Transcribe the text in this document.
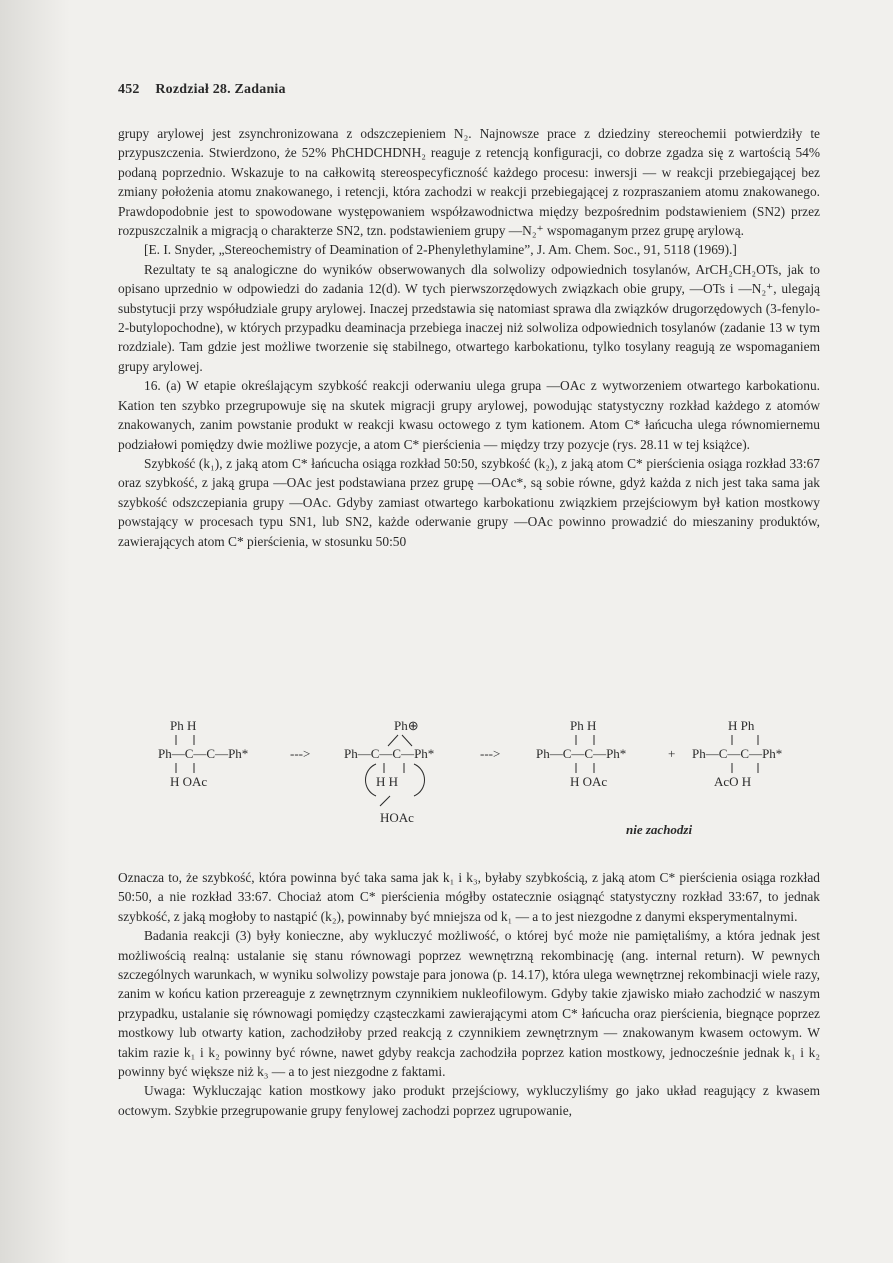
452 Rozdział 28. Zadania

grupy arylowej jest zsynchronizowana z odszczepieniem N₂. Najnowsze prace z dziedziny stereochemii potwierdziły te przypuszczenia. Stwierdzono, że 52% PhCHDCHDNH₂ reaguje z retencją konfiguracji, co dobrze zgadza się z wartością 54% podaną poprzednio. Wskazuje to na całkowitą stereospecyficzność każdego procesu: inwersji — w reakcji przebiegającej bez zmiany położenia atomu znakowanego, i retencji, która zachodzi w reakcji przebiegającej z rozpraszaniem atomu znakowanego. Prawdopodobnie jest to spowodowane występowaniem współzawodnictwa między bezpośrednim podstawieniem (SN2) przez rozpuszczalnik a migracją o charakterze SN2, tzn. podstawieniem grupy —N₂⁺ wspomaganym przez grupę arylową.

[E. I. Snyder, „Stereochemistry of Deamination of 2-Phenylethylamine”, J. Am. Chem. Soc., 91, 5118 (1969).]

Rezultaty te są analogiczne do wyników obserwowanych dla solwolizy odpowiednich tosylanów, ArCH₂CH₂OTs, jak to opisano uprzednio w odpowiedzi do zadania 12(d). W tych pierwszorzędowych związkach obie grupy, —OTs i —N₂⁺, ulegają substytucji przy współudziale grupy arylowej. Inaczej przedstawia się natomiast sprawa dla związków drugorzędowych (3-fenylo-2-butylopochodne), w których przypadku deaminacja przebiega inaczej niż solwoliza odpowiednich tosylanów (zadanie 13 w tym rozdziale). Tam gdzie jest możliwe tworzenie się stabilnego, otwartego karbokationu, tylko tosylany reagują ze wspomaganiem grupy arylowej.

16. (a) W etapie określającym szybkość reakcji oderwaniu ulega grupa —OAc z wytworzeniem otwartego karbokationu. Kation ten szybko przegrupowuje się na skutek migracji grupy arylowej, powodując statystyczny rozkład każdego z atomów znakowanych, zanim powstanie produkt w reakcji kwasu octowego z tym kationem. Atom C* łańcucha ulega równomiernemu podziałowi pomiędzy dwie możliwe pozycje, a atom C* pierścienia — między trzy pozycje (rys. 28.11 w tej książce).

Szybkość (k₁), z jaką atom C* łańcucha osiąga rozkład 50:50, szybkość (k₂), z jaką atom C* pierścienia osiąga rozkład 33:67 oraz szybkość, z jaką grupa —OAc jest podstawiana przez grupę —OAc*, są sobie równe, gdyż każda z nich jest taka sama jak szybkość odszczepiania grupy —OAc. Gdyby zamiast otwartego karbokationu związkiem przejściowym był kation mostkowy powstający w procesach typu SN1, lub SN2, każde oderwanie grupy —OAc powinno prowadzić do mieszaniny produktów, zawierających atom C* pierścienia, w stosunku 50:50

Ph H
Ph—C—C—Ph*
H OAc
--->
Ph⊕
Ph—C—C—Ph*
H H
HOAc
--->
Ph H
Ph—C—C—Ph*
H OAc
+
H Ph
Ph—C—C—Ph*
AcO H
nie zachodzi

Oznacza to, że szybkość, która powinna być taka sama jak k₁ i k₃, byłaby szybkością, z jaką atom C* pierścienia osiąga rozkład 50:50, a nie rozkład 33:67. Chociaż atom C* pierścienia mógłby ostatecznie osiągnąć statystyczny rozkład 33:67, to jednak szybkość, z jaką mogłoby to nastąpić (k₂), powinnaby być mniejsza od k₁ — a to jest niezgodne z danymi eksperymentalnymi.

Badania reakcji (3) były konieczne, aby wykluczyć możliwość, o której być może nie pamiętaliśmy, a która jednak jest możliwością realną: ustalanie się stanu równowagi poprzez wewnętrzną rekombinację (ang. internal return). W pewnych szczególnych warunkach, w wyniku solwolizy powstaje para jonowa (p. 14.17), która ulega wewnętrznej rekombinacji wiele razy, zanim w końcu kation przereaguje z zewnętrznym czynnikiem nukleofilowym. Gdyby takie zjawisko miało zachodzić w naszym przypadku, ustalanie się równowagi pomiędzy cząsteczkami zawierającymi atom C* łańcucha oraz pierścienia, biegnące poprzez mostkowy lub otwarty kation, zachodziłoby przed reakcją z czynnikiem zewnętrznym — znakowanym kwasem octowym. W takim razie k₁ i k₂ powinny być równe, nawet gdyby reakcja zachodziła poprzez kation mostkowy, jednocześnie jednak k₁ i k₂ powinny być większe niż k₃ — a to jest niezgodne z faktami.

Uwaga: Wykluczając kation mostkowy jako produkt przejściowy, wykluczyliśmy go jako układ reagujący z kwasem octowym. Szybkie przegrupowanie grupy fenylowej zachodzi poprzez ugrupowanie,
